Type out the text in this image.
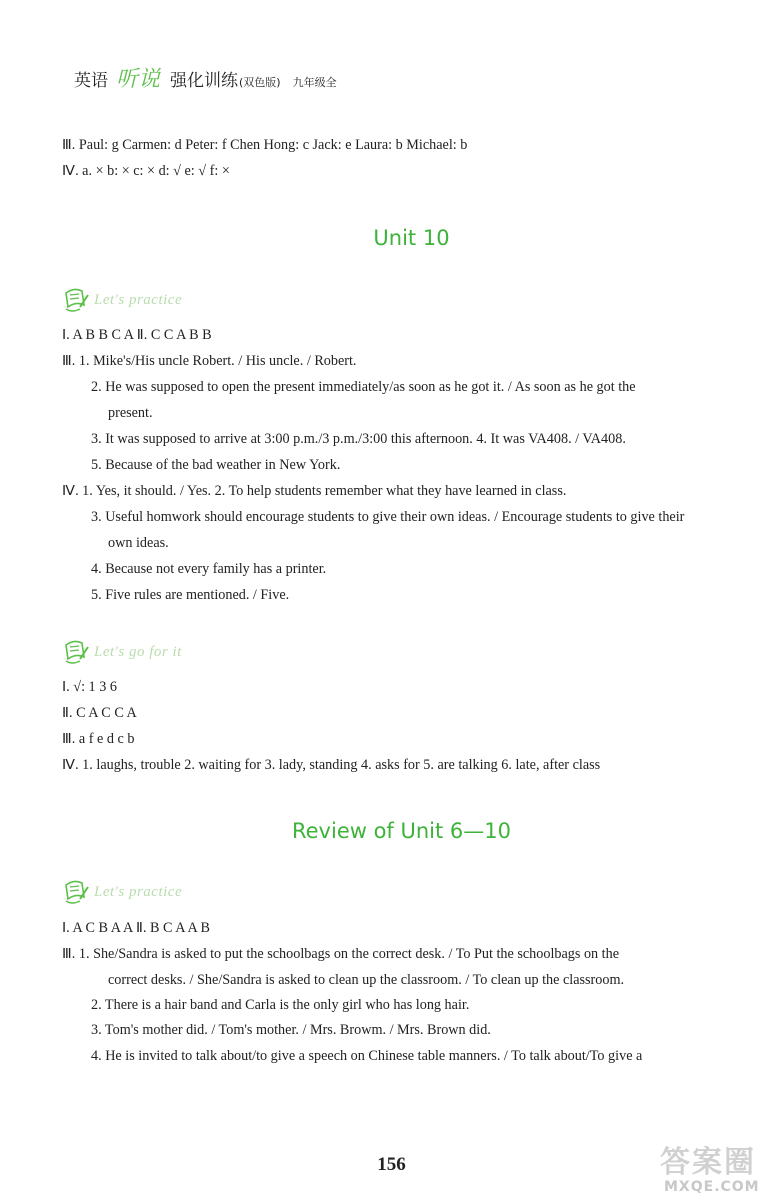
英语 听说 强化训练 (双色版) 九年级全
Ⅲ. Paul: g Carmen: d Peter: f Chen Hong: c Jack: e Laura: b Michael: b
Ⅳ. a. × b: × c: × d: √ e: √ f: ×
Unit 10
Let's practice
Ⅰ. A B B C A Ⅱ. C C A B B
Ⅲ. 1. Mike's/His uncle Robert. / His uncle. / Robert.
2. He was supposed to open the present immediately/as soon as he got it. / As soon as he got the
present.
3. It was supposed to arrive at 3:00 p.m./3 p.m./3:00 this afternoon. 4. It was VA408. / VA408.
5. Because of the bad weather in New York.
Ⅳ. 1. Yes, it should. / Yes. 2. To help students remember what they have learned in class.
3. Useful homwork should encourage students to give their own ideas. / Encourage students to give their
own ideas.
4. Because not every family has a printer.
5. Five rules are mentioned. / Five.
Let's go for it
Ⅰ. √: 1 3 6
Ⅱ. C A C C A
Ⅲ. a f e d c b
Ⅳ. 1. laughs, trouble 2. waiting for 3. lady, standing 4. asks for 5. are talking 6. late, after class
Review of Unit 6—10
Let's practice
Ⅰ. A C B A A Ⅱ. B C A A B
Ⅲ. 1. She/Sandra is asked to put the schoolbags on the correct desk. / To Put the schoolbags on the
correct desks. / She/Sandra is asked to clean up the classroom. / To clean up the classroom.
2. There is a hair band and Carla is the only girl who has long hair.
3. Tom's mother did. / Tom's mother. / Mrs. Browm. / Mrs. Brown did.
4. He is invited to talk about/to give a speech on Chinese table manners. / To talk about/To give a
156	答案圈
MXQE.COM
